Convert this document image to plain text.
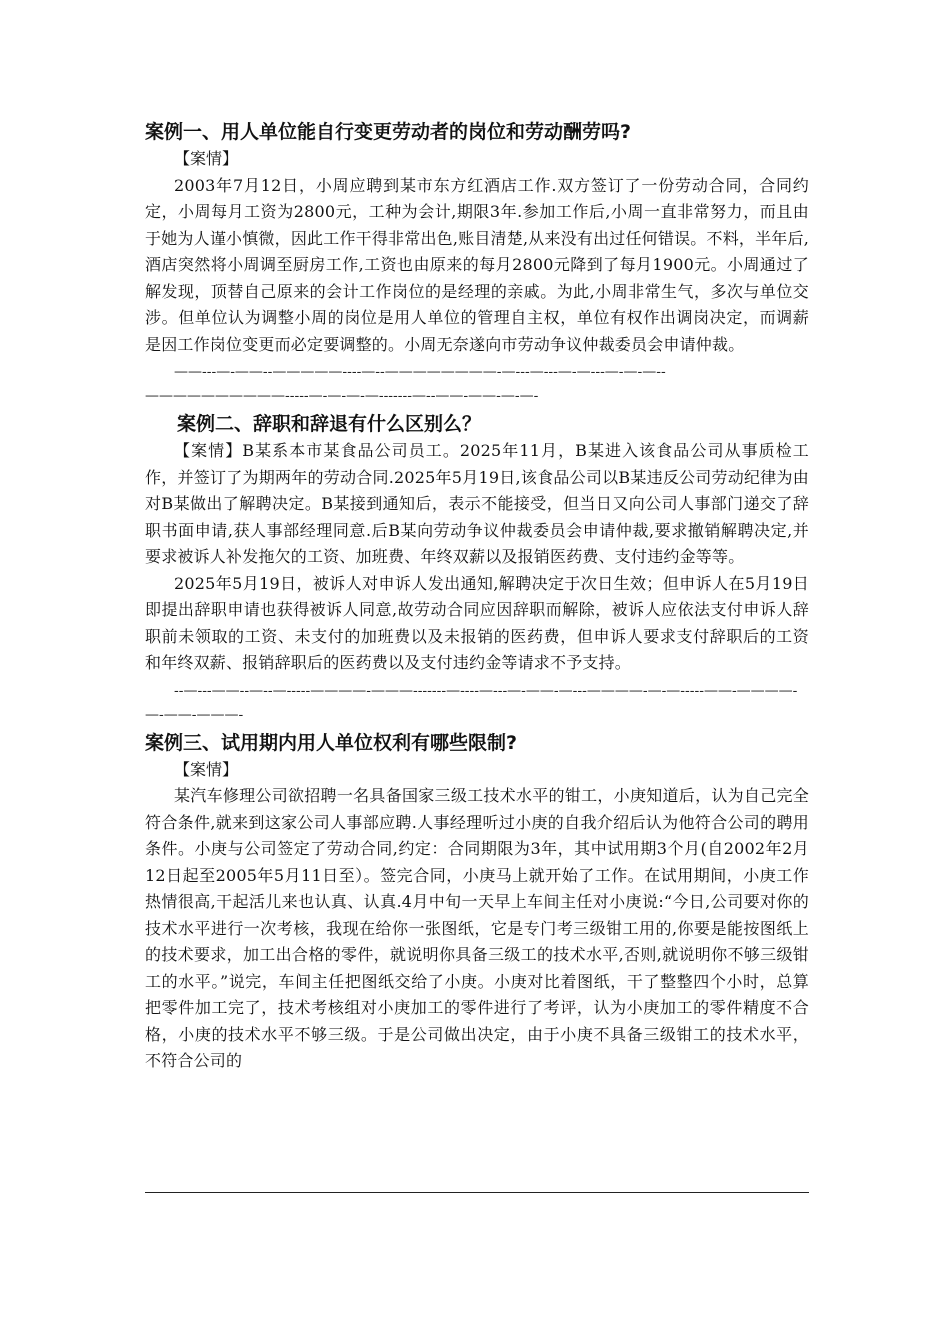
案例一、用人单位能自行变更劳动者的岗位和劳动酬劳吗?

【案情】

2003年7月12日，小周应聘到某市东方红酒店工作.双方签订了一份劳动合同，合同约定，小周每月工资为2800元，工种为会计,期限3年.参加工作后,小周一直非常努力，而且由于她为人谨小慎微，因此工作干得非常出色,账目清楚,从来没有出过任何错误。不料，半年后,酒店突然将小周调至厨房工作,工资也由原来的每月2800元降到了每月1900元。小周通过了解发现，顶替自己原来的会计工作岗位的是经理的亲戚。为此,小周非常生气，多次与单位交涉。但单位认为调整小周的岗位是用人单位的管理自主权，单位有权作出调岗决定，而调薪是因工作岗位变更而必定要调整的。小周无奈遂向市劳动争议仲裁委员会申请仲裁。

——---—-——--—————----—--————————-—---—---—-—---—-—-—--——————————-----—-—-—-—-------—--——-——-—-—-

案例二、辞职和辞退有什么区别么？

【案情】B某系本市某食品公司员工。2025年11月，B某进入该食品公司从事质检工作，并签订了为期两年的劳动合同.2025年5月19日,该食品公司以B某违反公司劳动纪律为由对B某做出了解聘决定。B某接到通知后，表示不能接受，但当日又向公司人事部门递交了辞职书面申请,获人事部经理同意.后B某向劳动争议仲裁委员会申请仲裁,要求撤销解聘决定,并要求被诉人补发拖欠的工资、加班费、年终双薪以及报销医药费、支付违约金等等。

2025年5月19日，被诉人对申诉人发出通知,解聘决定于次日生效；但申诉人在5月19日即提出辞职申请也获得被诉人同意,故劳动合同应因辞职而解除，被诉人应依法支付申诉人辞职前未领取的工资、未支付的加班费以及未报销的医药费，但申诉人要求支付辞职后的工资和年终双薪、报销辞职后的医药费以及支付违约金等请求不予支持。

--—---——--—--—-----————-———-------—----—---—-——-—---————-—-—-----——-————-—-——-———-

案例三、试用期内用人单位权利有哪些限制?

【案情】

某汽车修理公司欲招聘一名具备国家三级工技术水平的钳工，小庚知道后，认为自己完全符合条件,就来到这家公司人事部应聘.人事经理听过小庚的自我介绍后认为他符合公司的聘用条件。小庚与公司签定了劳动合同,约定：合同期限为3年，其中试用期3个月(自2002年2月12日起至2005年5月11日至）。签完合同，小庚马上就开始了工作。在试用期间，小庚工作热情很高,干起活儿来也认真、认真.4月中旬一天早上车间主任对小庚说:“今日,公司要对你的技术水平进行一次考核，我现在给你一张图纸，它是专门考三级钳工用的,你要是能按图纸上的技术要求，加工出合格的零件，就说明你具备三级工的技术水平,否则,就说明你不够三级钳工的水平。”说完，车间主任把图纸交给了小庚。小庚对比着图纸，干了整整四个小时，总算把零件加工完了，技术考核组对小庚加工的零件进行了考评，认为小庚加工的零件精度不合格，小庚的技术水平不够三级。于是公司做出决定，由于小庚不具备三级钳工的技术水平，不符合公司的
